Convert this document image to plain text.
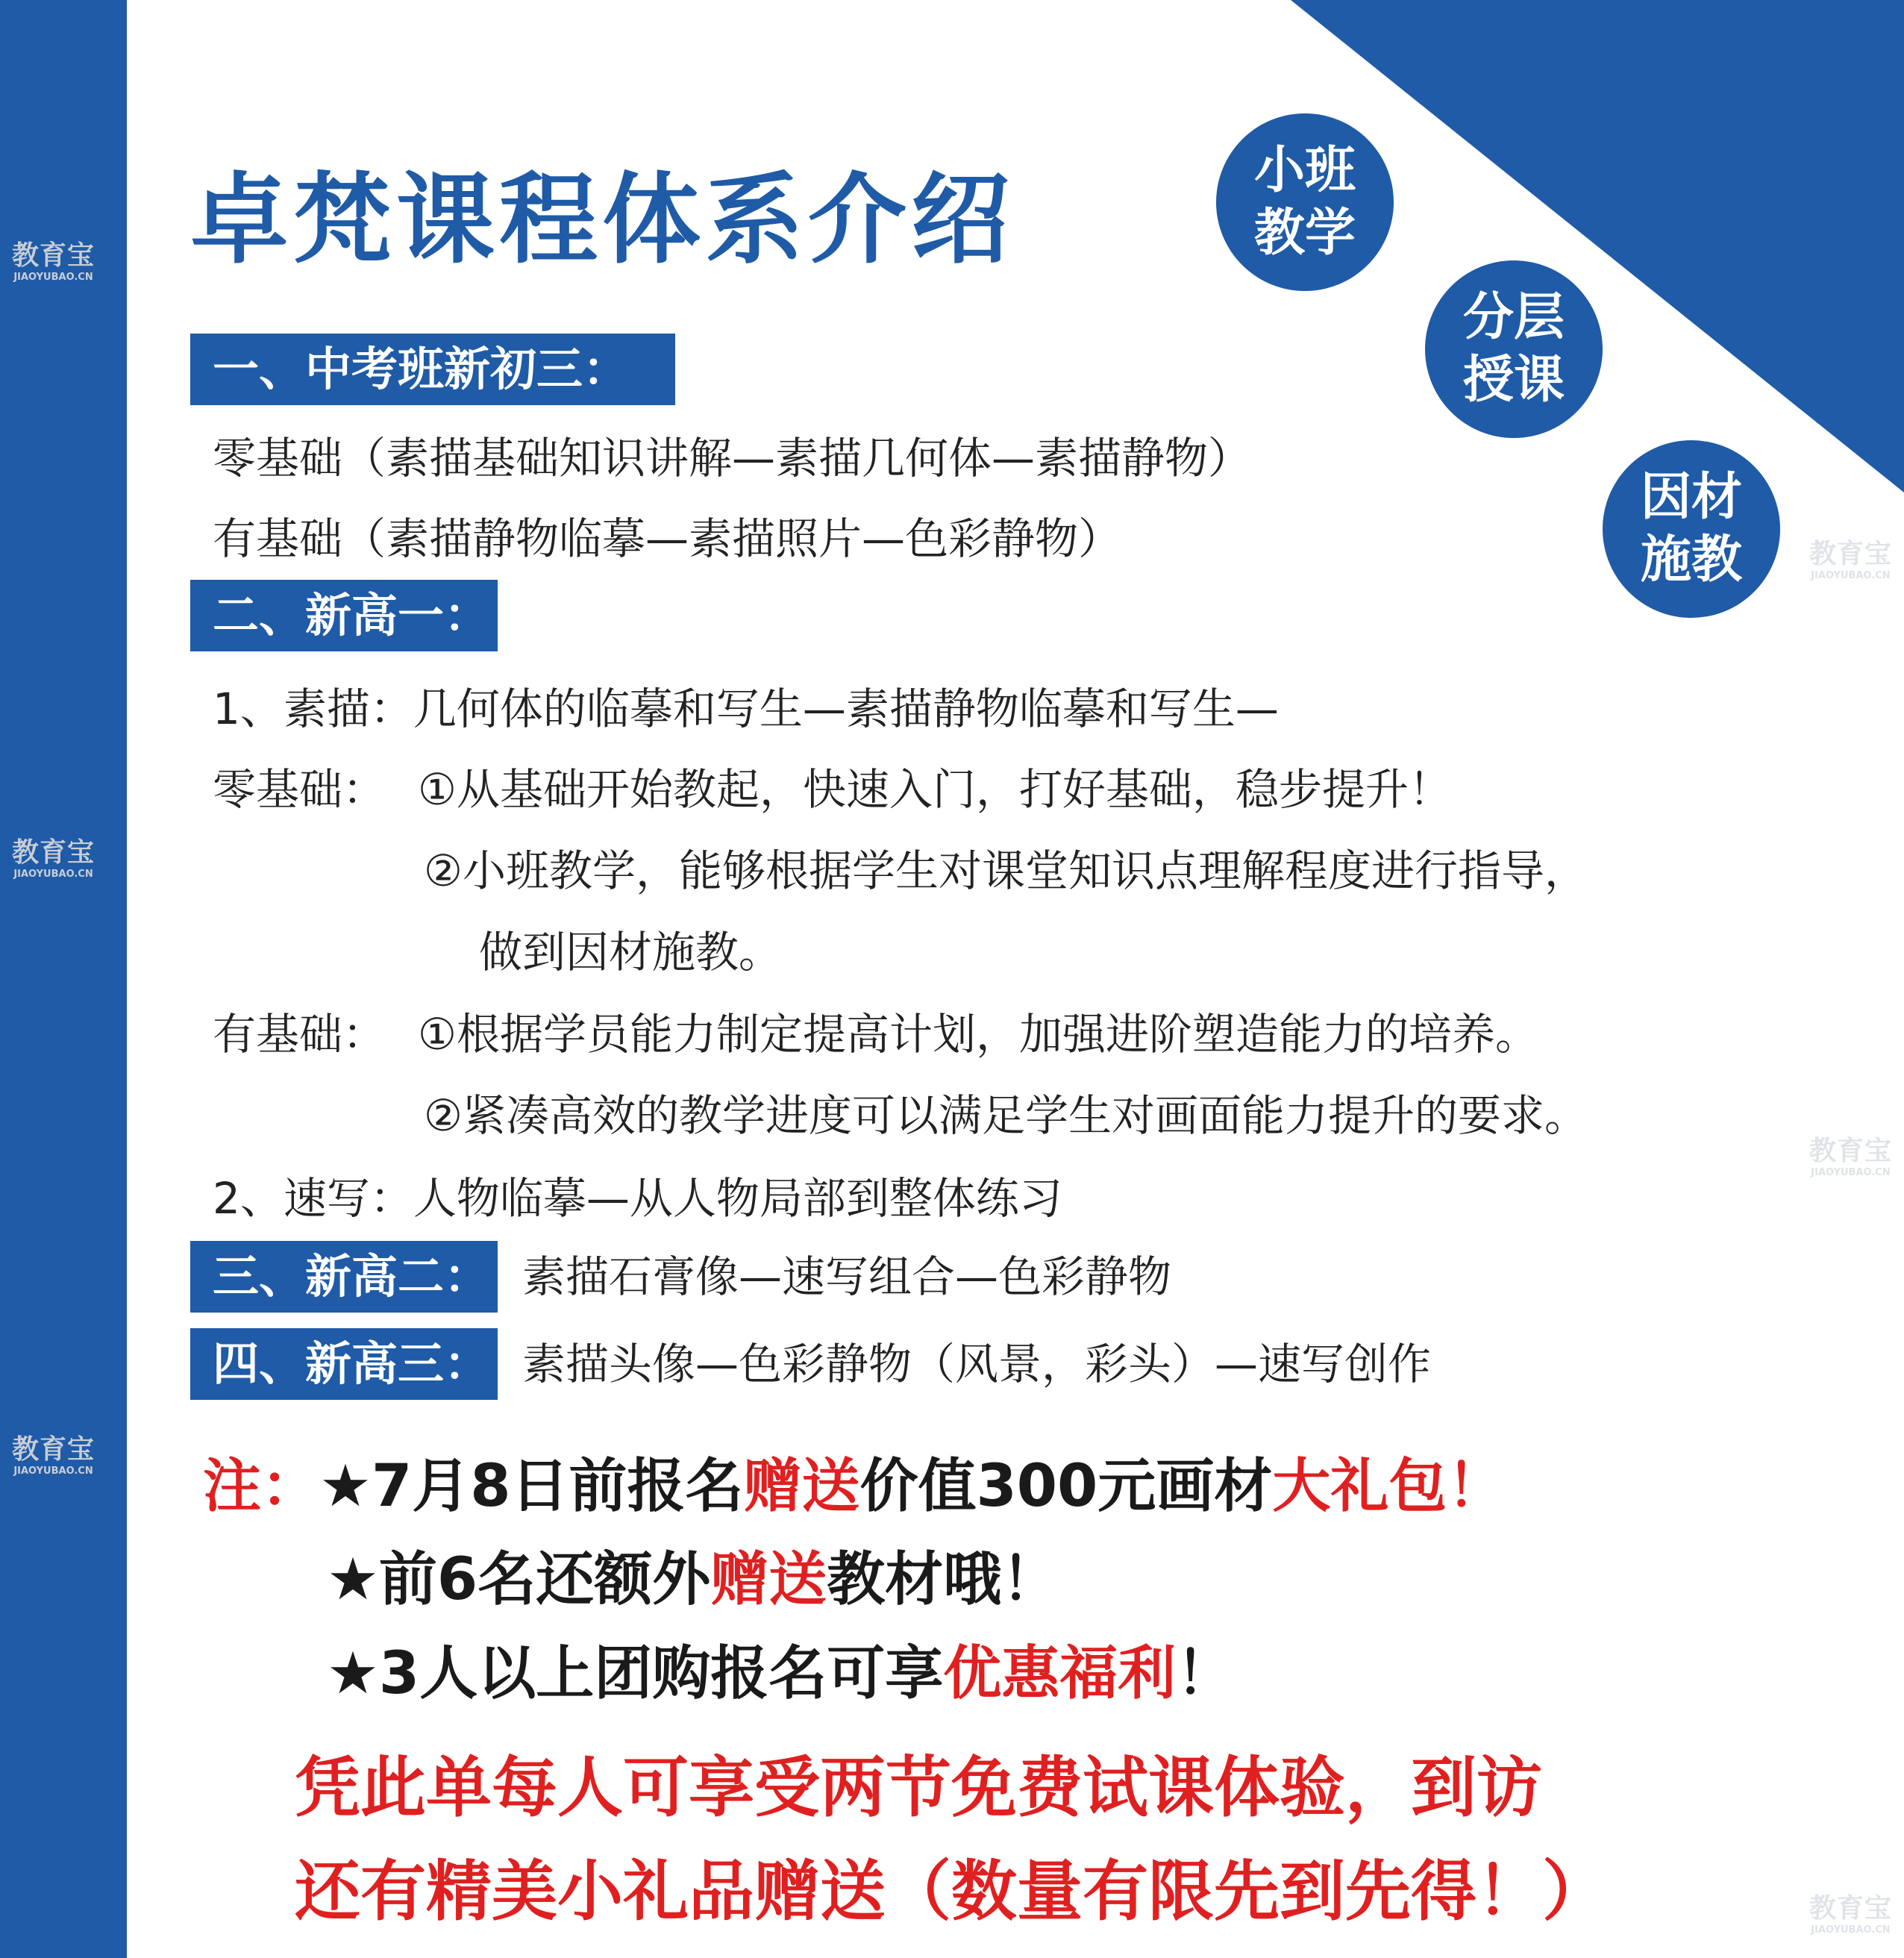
教育宝
JIAOYUBAO.CN
教育宝
JIAOYUBAO.CN
教育宝
JIAOYUBAO.CN
教育宝
JIAOYUBAO.CN
教育宝
JIAOYUBAO.CN
教育宝
JIAOYUBAO.CN
小班
教学
分层
授课
因材
施教
卓梵课程体系介绍
一、中考班新初三：
零基础（素描基础知识讲解—素描几何体—素描静物）
有基础（素描静物临摹—素描照片—色彩静物）
二、新高一：
1、素描：几何体的临摹和写生—素描静物临摹和写生—
零基础： ①从基础开始教起，快速入门，打好基础，稳步提升！
②小班教学，能够根据学生对课堂知识点理解程度进行指导，
做到因材施教。
有基础： ①根据学员能力制定提高计划，加强进阶塑造能力的培养。
②紧凑高效的教学进度可以满足学生对画面能力提升的要求。
2、速写：人物临摹—从人物局部到整体练习
三、新高二： 素描石膏像—速写组合—色彩静物
四、新高三： 素描头像—色彩静物（风景，彩头）—速写创作
注：★7月8日前报名赠送价值300元画材大礼包！
★前6名还额外赠送教材哦！
★3人以上团购报名可享优惠福利！
凭此单每人可享受两节免费试课体验，到访
还有精美小礼品赠送（数量有限先到先得！）
